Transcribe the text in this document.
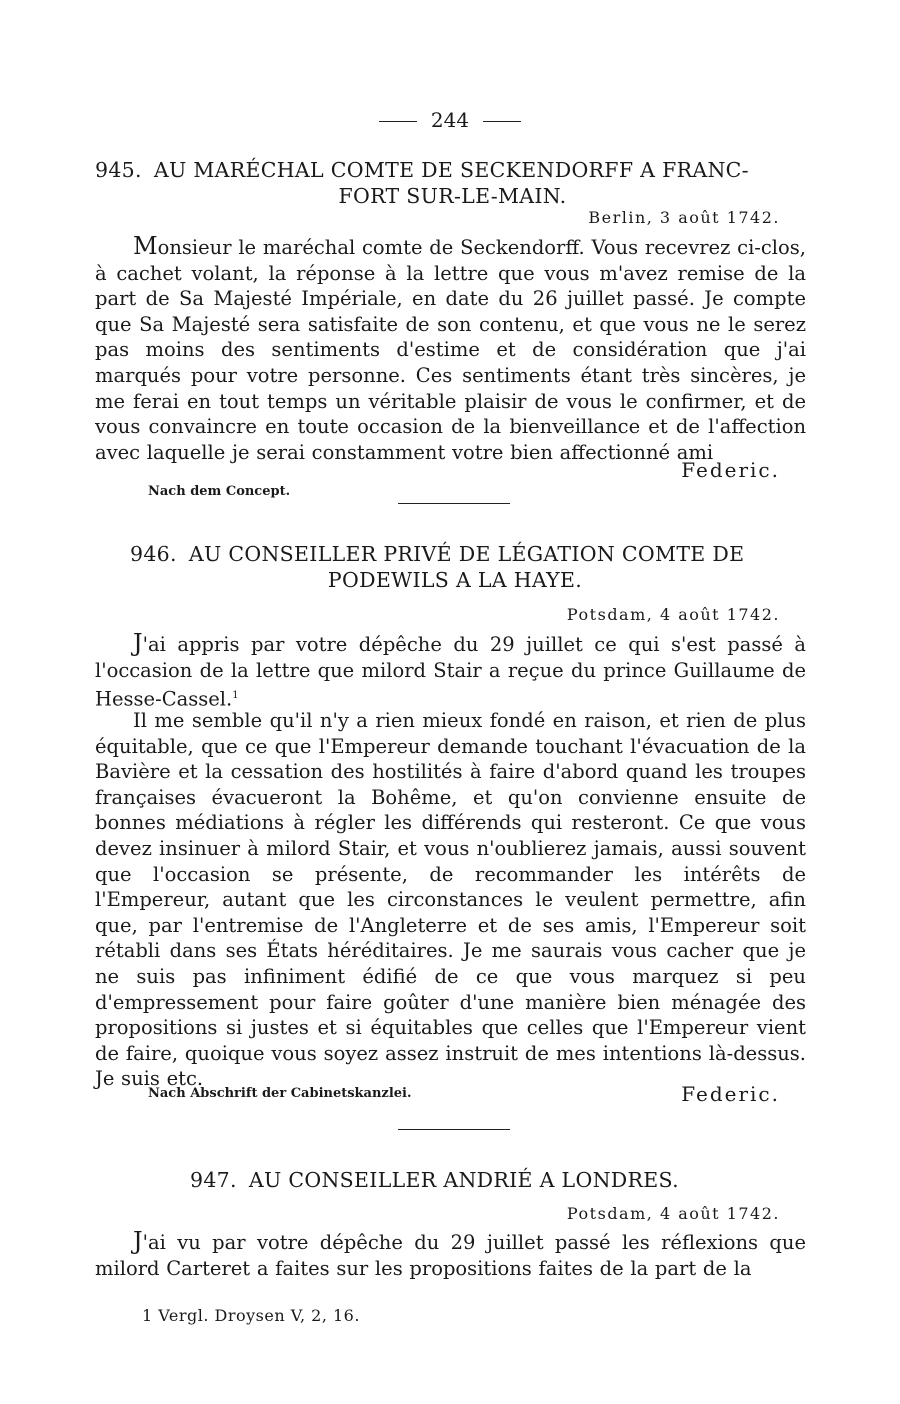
244
945. AU MARÉCHAL COMTE DE SECKENDORFF A FRANC-
FORT SUR-LE-MAIN.
Berlin, 3 août 1742.
Monsieur le maréchal comte de Seckendorff. Vous recevrez ci-clos, à cachet volant, la réponse à la lettre que vous m'avez remise de la part de Sa Majesté Impériale, en date du 26 juillet passé. Je compte que Sa Majesté sera satisfaite de son contenu, et que vous ne le serez pas moins des sentiments d'estime et de considération que j'ai marqués pour votre personne. Ces sentiments étant très sincères, je me ferai en tout temps un véritable plaisir de vous le confirmer, et de vous convaincre en toute occasion de la bienveillance et de l'affection avec laquelle je serai constamment votre bien affectionné ami
Federic.
Nach dem Concept.
946. AU CONSEILLER PRIVÉ DE LÉGATION COMTE DE
PODEWILS A LA HAYE.
Potsdam, 4 août 1742.
J'ai appris par votre dépêche du 29 juillet ce qui s'est passé à l'occasion de la lettre que milord Stair a reçue du prince Guillaume de Hesse-Cassel.$^1$
Il me semble qu'il n'y a rien mieux fondé en raison, et rien de plus équitable, que ce que l'Empereur demande touchant l'évacuation de la Bavière et la cessation des hostilités à faire d'abord quand les troupes françaises évacueront la Bohême, et qu'on convienne ensuite de bonnes médiations à régler les différends qui resteront. Ce que vous devez insinuer à milord Stair, et vous n'oublierez jamais, aussi souvent que l'occasion se présente, de recommander les intérêts de l'Empereur, autant que les circonstances le veulent permettre, afin que, par l'entremise de l'Angleterre et de ses amis, l'Empereur soit rétabli dans ses États héréditaires. Je me saurais vous cacher que je ne suis pas infiniment édifié de ce que vous marquez si peu d'empressement pour faire goûter d'une manière bien ménagée des propositions si justes et si équitables que celles que l'Empereur vient de faire, quoique vous soyez assez instruit de mes intentions là-dessus. Je suis etc.
Federic.
Nach Abschrift der Cabinetskanzlei.
947. AU CONSEILLER ANDRIÉ A LONDRES.
Potsdam, 4 août 1742.
J'ai vu par votre dépêche du 29 juillet passé les réflexions que milord Carteret a faites sur les propositions faites de la part de la
1 Vergl. Droysen V, 2, 16.
